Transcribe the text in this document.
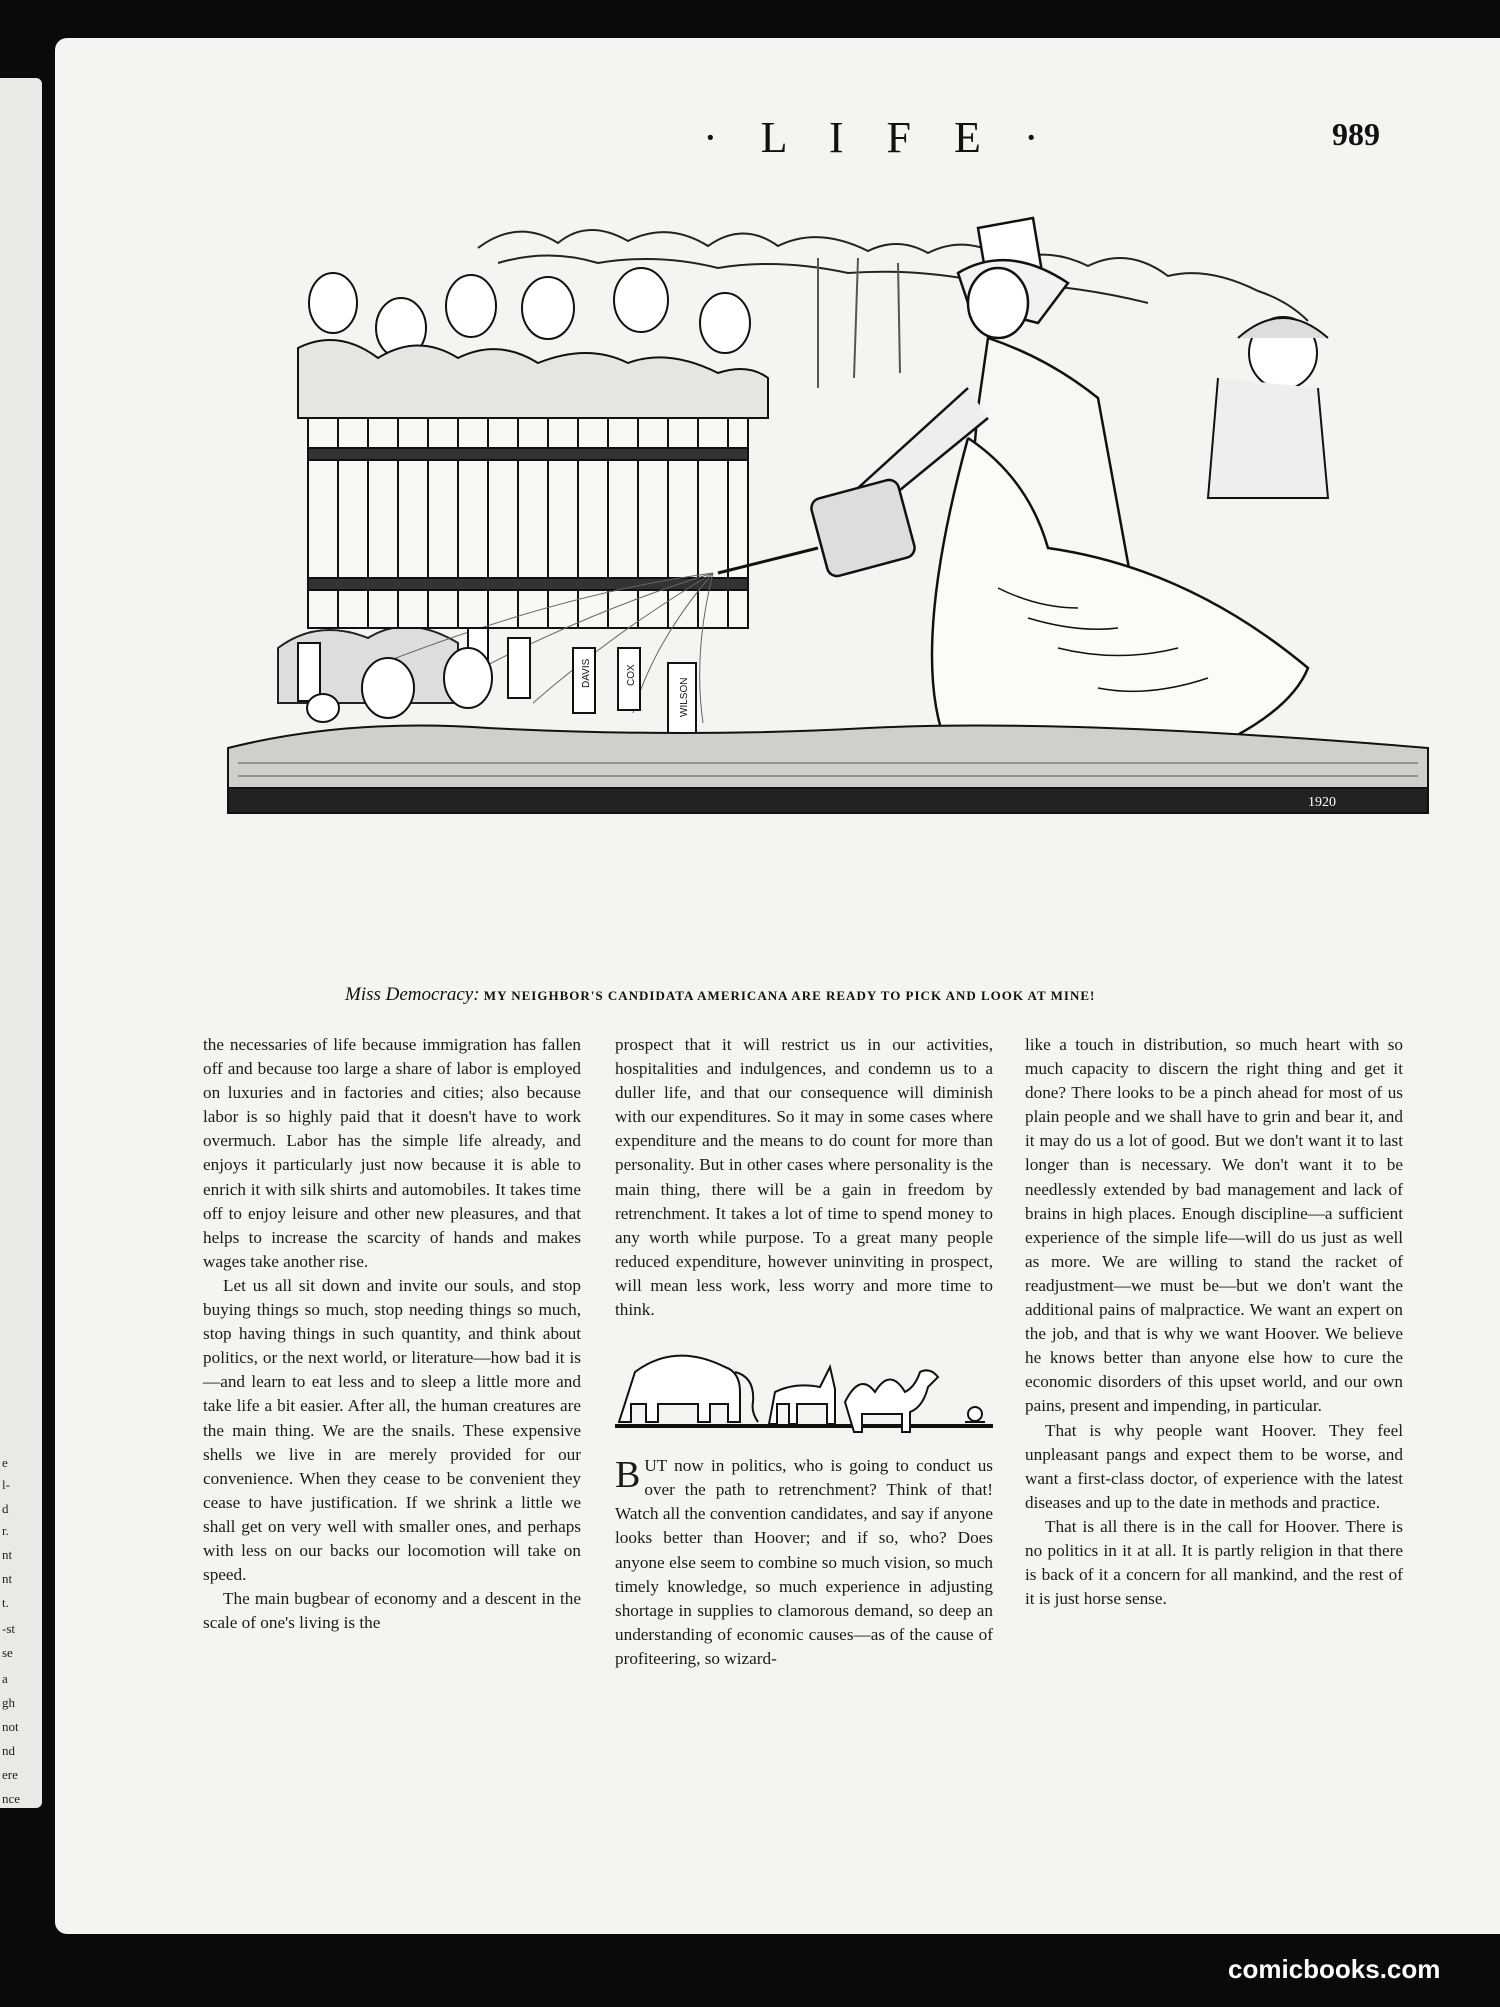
e
l-
d
r.
nt
nt
t.
-st
se
a
gh
not
nd
ere
nce
· L I F E ·	989
DAVIS	COX
WILSON
1920
Miss Democracy: MY NEIGHBOR'S CANDIDATA AMERICANA ARE READY TO PICK AND LOOK AT MINE!

the necessaries of life because immigration has fallen off and because too large a share of labor is employed on luxuries and in factories and cities; also because labor is so highly paid that it doesn't have to work overmuch. Labor has the simple life already, and enjoys it particularly just now because it is able to enrich it with silk shirts and automobiles. It takes time off to enjoy leisure and other new pleasures, and that helps to increase the scarcity of hands and makes wages take another rise.

Let us all sit down and invite our souls, and stop buying things so much, stop needing things so much, stop having things in such quantity, and think about politics, or the next world, or literature—how bad it is—and learn to eat less and to sleep a little more and take life a bit easier. After all, the human creatures are the main thing. We are the snails. These expensive shells we live in are merely provided for our convenience. When they cease to be convenient they cease to have justification. If we shrink a little we shall get on very well with smaller ones, and perhaps with less on our backs our locomotion will take on speed.

The main bugbear of economy and a descent in the scale of one's living is the

prospect that it will restrict us in our activities, hospitalities and indulgences, and condemn us to a duller life, and that our consequence will diminish with our expenditures. So it may in some cases where expenditure and the means to do count for more than personality. But in other cases where personality is the main thing, there will be a gain in freedom by retrenchment. It takes a lot of time to spend money to any worth while purpose. To a great many people reduced expenditure, however uninviting in prospect, will mean less work, less worry and more time to think.

BUT now in politics, who is going to conduct us over the path to retrenchment? Think of that! Watch all the convention candidates, and say if anyone looks better than Hoover; and if so, who? Does anyone else seem to combine so much vision, so much timely knowledge, so much experience in adjusting shortage in supplies to clamorous demand, so deep an understanding of economic causes—as of the cause of profiteering, so wizard-

like a touch in distribution, so much heart with so much capacity to discern the right thing and get it done? There looks to be a pinch ahead for most of us plain people and we shall have to grin and bear it, and it may do us a lot of good. But we don't want it to last longer than is necessary. We don't want it to be needlessly extended by bad management and lack of brains in high places. Enough discipline—a sufficient experience of the simple life—will do us just as well as more. We are willing to stand the racket of readjustment—we must be—but we don't want the additional pains of malpractice. We want an expert on the job, and that is why we want Hoover. We believe he knows better than anyone else how to cure the economic disorders of this upset world, and our own pains, present and impending, in particular.

That is why people want Hoover. They feel unpleasant pangs and expect them to be worse, and want a first-class doctor, of experience with the latest diseases and up to the date in methods and practice.

That is all there is in the call for Hoover. There is no politics in it at all. It is partly religion in that there is back of it a concern for all mankind, and the rest of it is just horse sense.

comicbooks.com
